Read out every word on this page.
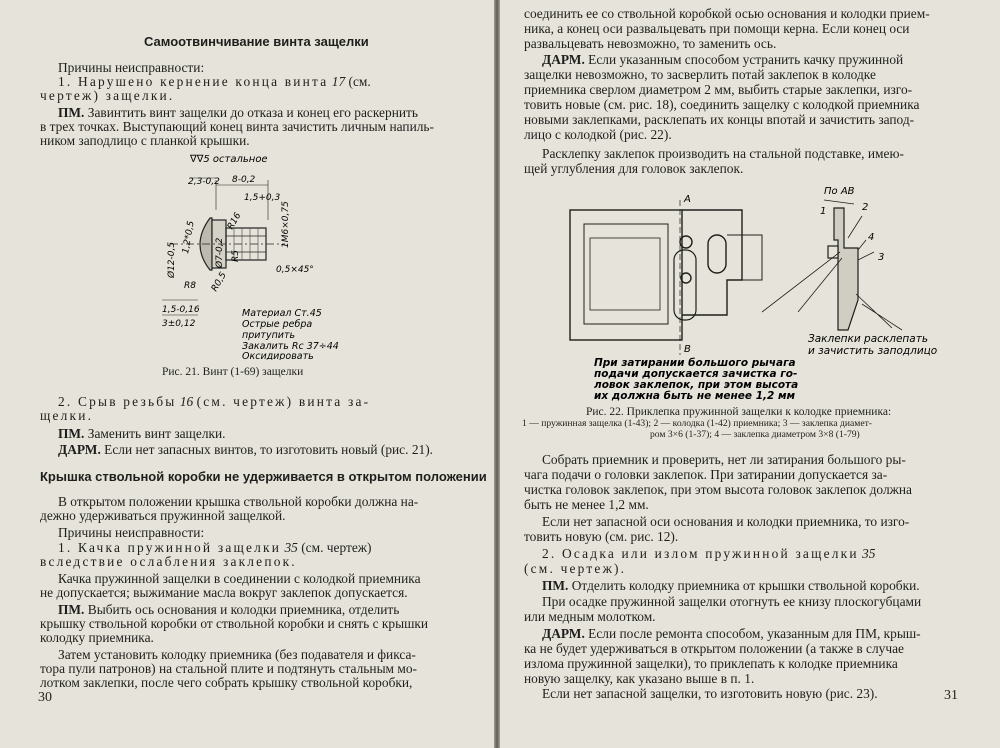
Самоотвинчивание винта защелки
Причины неисправности:
1. Нарушено кернение конца винта 17 (см.
чертеж) защелки.
ПМ. Завинтить винт защелки до отказа и конец его раскернить
в трех точках. Выступающий конец винта зачистить личным напиль-
ником заподлицо с планкой крышки.
∇∇5 остальное
2,3-0,2 8-0,2
1,5+0,3
1М6×0,75
Ø12-0,5
1,2*0,5	R16
Ø7-0,2 R5
R8
0,5×45°
R0,5
1,5-0,16
3±0,12
Материал Ст.45
Острые ребра
притупить
Закалить Rc 37÷44
Оксидировать
Рис. 21. Винт (1-69) защелки
2. Срыв резьбы 16 (см. чертеж) винта за-
щелки.
ПМ. Заменить винт защелки.
ДАРМ. Если нет запасных винтов, то изготовить новый (рис. 21).
Крышка ствольной коробки не удерживается в открытом положении
В открытом положении крышка ствольной коробки должна на-
дежно удерживаться пружинной защелкой.
Причины неисправности:
1. Качка пружинной защелки 35 (см. чертеж)
вследствие ослабления заклепок.
Качка пружинной защелки в соединении с колодкой приемника
не допускается; выжимание масла вокруг заклепок допускается.
ПМ. Выбить ось основания и колодки приемника, отделить
крышку ствольной коробки от ствольной коробки и снять с крышки
колодку приемника.
Затем установить колодку приемника (без подавателя и фикса-
тора пули патронов) на стальной плите и подтянуть стальным мо-
лотком заклепки, после чего собрать крышку ствольной коробки,
30
соединить ее со ствольной коробкой осью основания и колодки прием-
ника, а конец оси развальцевать при помощи керна. Если конец оси
развальцевать невозможно, то заменить ось.
ДАРМ. Если указанным способом устранить качку пружинной
защелки невозможно, то засверлить потай заклепок в колодке
приемника сверлом диаметром 2 мм, выбить старые заклепки, изго-
товить новые (см. рис. 18), соединить защелку с колодкой приемника
новыми заклепками, расклепать их концы впотай и зачистить запод-
лицо с колодкой (рис. 22).
Расклепку заклепок производить на стальной подставке, имею-
щей углубления для головок заклепок.
По АВ
А
В
1	2
3
4
При затирании большого рычага
подачи допускается зачистка го-
ловок заклепок, при этом высота
их должна быть не менее 1,2 мм
Заклепки расклепать
и зачистить заподлицо
Рис. 22. Приклепка пружинной защелки к колодке приемника:
1 — пружинная защелка (1-43); 2 — колодка (1-42) приемника; 3 — заклепка диамет-
ром 3×6 (1-37); 4 — заклепка диаметром 3×8 (1-79)
Собрать приемник и проверить, нет ли затирания большого ры-
чага подачи о головки заклепок. При затирании допускается за-
чистка головок заклепок, при этом высота головок заклепок должна
быть не менее 1,2 мм.
Если нет запасной оси основания и колодки приемника, то изго-
товить новую (см. рис. 12).
2. Осадка или излом пружинной защелки 35
(см. чертеж).
ПМ. Отделить колодку приемника от крышки ствольной коробки.
При осадке пружинной защелки отогнуть ее книзу плоскогубцами
или медным молотком.
ДАРМ. Если после ремонта способом, указанным для ПМ, крыш-
ка не будет удерживаться в открытом положении (а также в случае
излома пружинной защелки), то приклепать к колодке приемника
новую защелку, как указано выше в п. 1.
Если нет запасной защелки, то изготовить новую (рис. 23).	31
